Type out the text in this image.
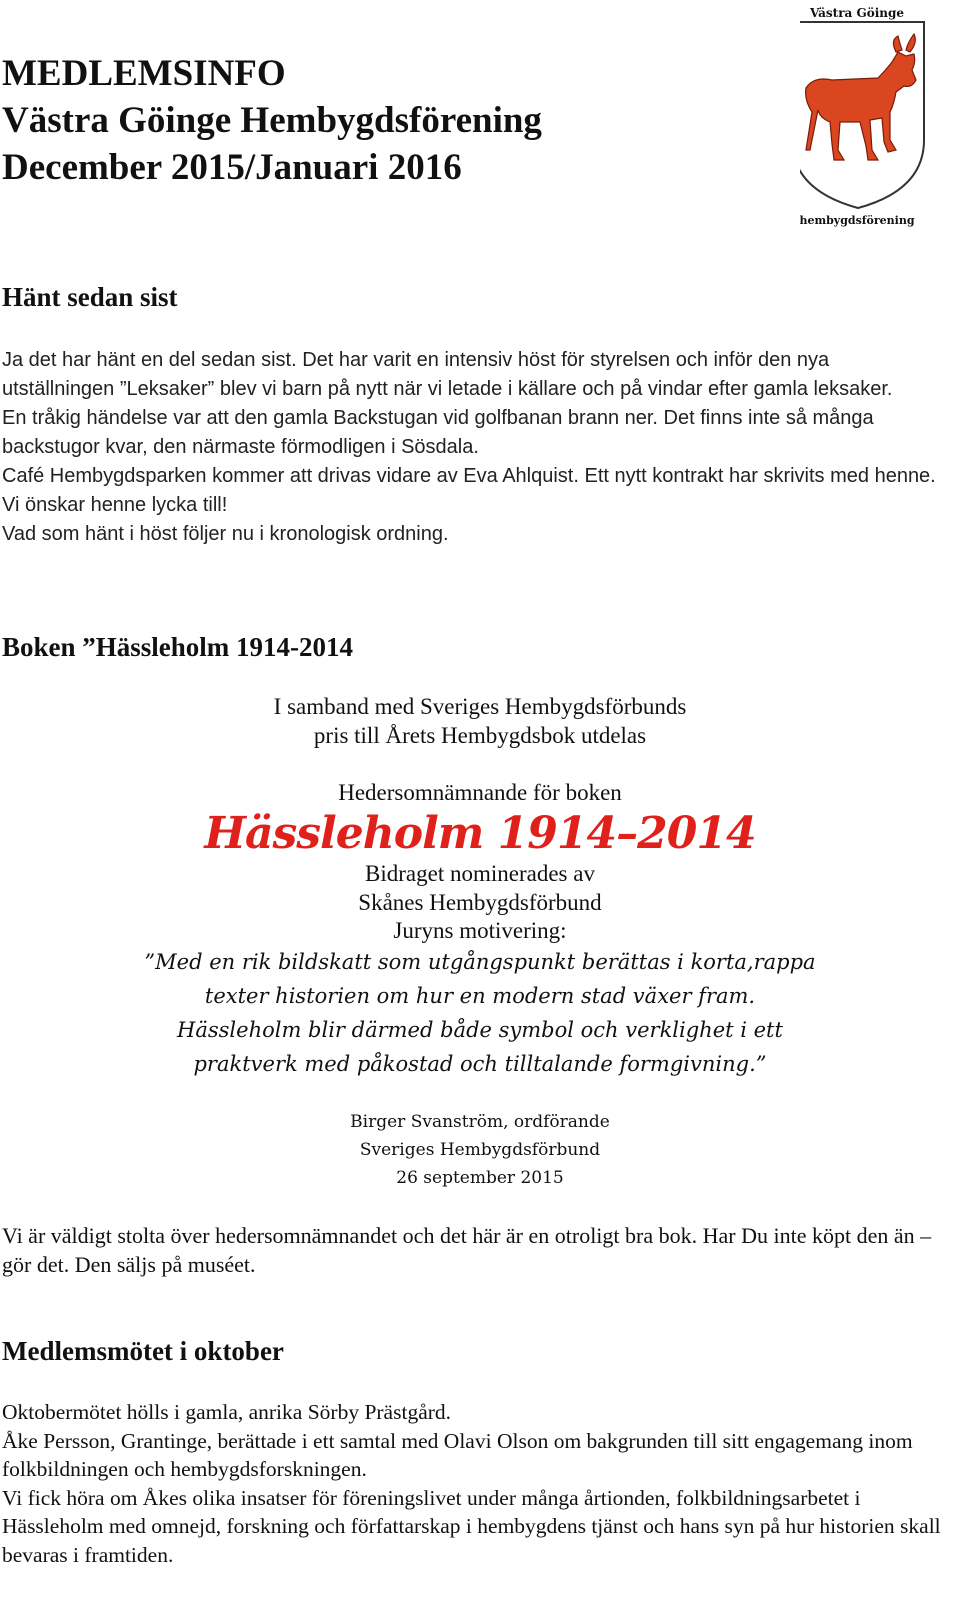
MEDLEMSINFO
Västra Göinge Hembygdsförening
December 2015/Januari 2016
Västra Göinge
hembygdsförening
Hänt sedan sist
Ja det har hänt en del sedan sist. Det har varit en intensiv höst för styrelsen och inför den nya utställningen ”Leksaker” blev vi barn på nytt när vi letade i källare och på vindar efter gamla leksaker.
En tråkig händelse var att den gamla Backstugan vid golfbanan brann ner. Det finns inte så många backstugor kvar, den närmaste förmodligen i Sösdala.
Café Hembygdsparken kommer att drivas vidare av Eva Ahlquist. Ett nytt kontrakt har skrivits med henne. Vi önskar henne lycka till!
Vad som hänt i höst följer nu i kronologisk ordning.
Boken ”Hässleholm 1914-2014
I samband med Sveriges Hembygdsförbunds
pris till Årets Hembygdsbok utdelas
Hedersomnämnande för boken
Hässleholm 1914–2014
Bidraget nominerades av
Skånes Hembygdsförbund
Juryns motivering:
”Med en rik bildskatt som utgångspunkt berättas i korta,rappa
texter historien om hur en modern stad växer fram.
Hässleholm blir därmed både symbol och verklighet i ett
praktverk med påkostad och tilltalande formgivning.”
Birger Svanström, ordförande
Sveriges Hembygdsförbund
26 september 2015
Vi är väldigt stolta över hedersomnämnandet och det här är en otroligt bra bok. Har Du inte köpt den än – gör det. Den säljs på muséet.
Medlemsmötet i oktober
Oktobermötet hölls i gamla, anrika Sörby Prästgård.
Åke Persson, Grantinge, berättade i ett samtal med Olavi Olson om bakgrunden till sitt engagemang inom folkbildningen och hembygdsforskningen.
Vi fick höra om Åkes olika insatser för föreningslivet under många årtionden, folkbildningsarbetet i Hässleholm med omnejd, forskning och författarskap i hembygdens tjänst och hans syn på hur historien skall bevaras i framtiden.
